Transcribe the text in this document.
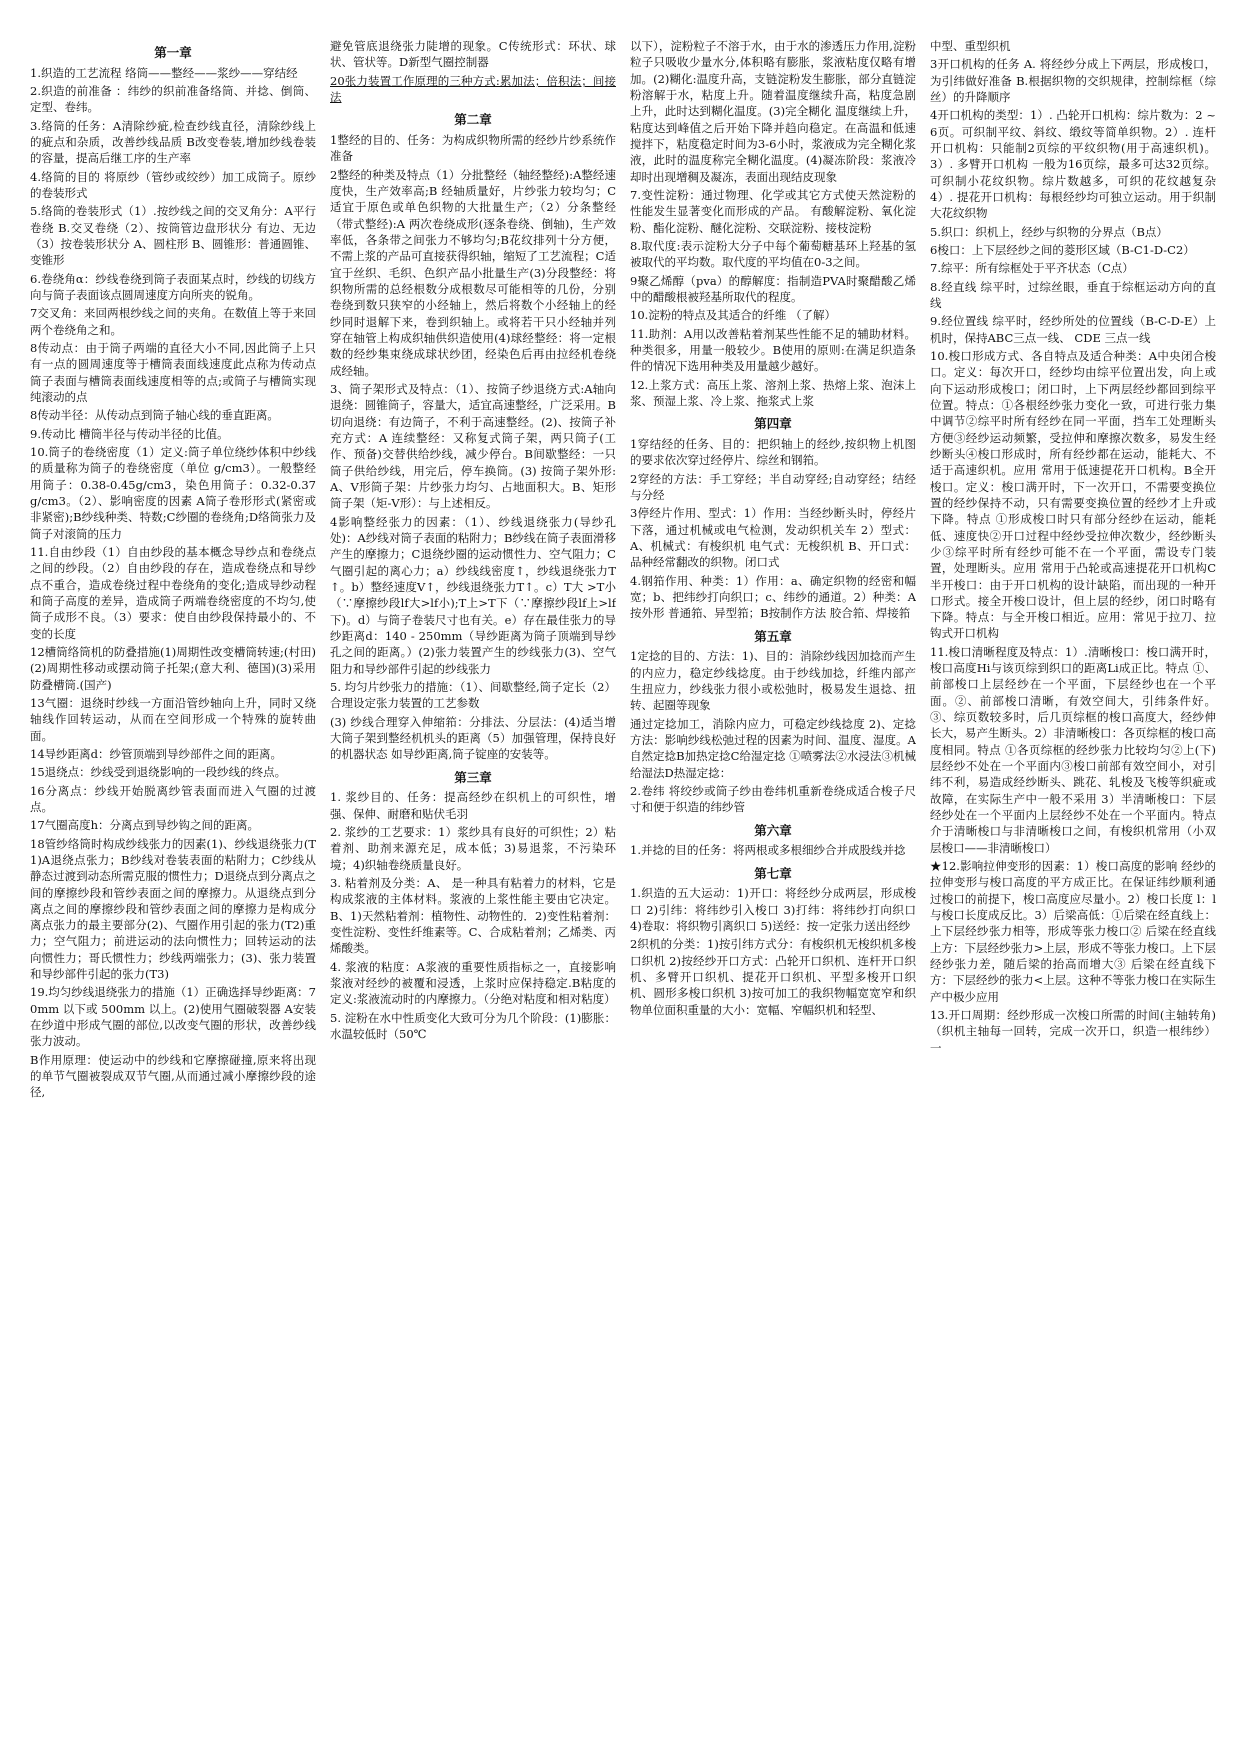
第一章
1.织造的工艺流程 络筒——整经——浆纱——穿结经
2.织造的前准备 ：纬纱的织前准备络筒、并捻、倒筒、定型、卷纬。
3.络筒的任务：A清除纱疵,检查纱线直径，清除纱线上的疵点和杂质，改善纱线品质 B改变卷装,增加纱线卷装的容量，提高后继工序的生产率
4.络筒的目的 将原纱（管纱或绞纱）加工成筒子。原纱的卷装形式
5.络筒的卷装形式（1）.按纱线之间的交叉角分：A平行卷绕 B.交叉卷绕（2）、按筒管边盘形状分 有边、无边（3）按卷装形状分 A、圆柱形 B、圆锥形：普通圆锥、变锥形
6.卷绕角α：纱线卷绕到筒子表面某点时，纱线的切线方向与筒子表面该点圆周速度方向所夹的锐角。
7交叉角：来回两根纱线之间的夹角。在数值上等于来回两个卷绕角之和。
8传动点：由于筒子两端的直径大小不同,因此筒子上只有一点的圆周速度等于槽筒表面线速度此点称为传动点筒子表面与槽筒表面线速度相等的点;或筒子与槽筒实现纯滚动的点
8传动半径：从传动点到筒子轴心线的垂直距离。
9.传动比 槽筒半径与传动半径的比值。
10.筒子的卷绕密度（1）定义:筒子单位绕纱体积中纱线的质量称为筒子的卷绕密度（单位 g/cm3）。一般整经用筒子：0.38-0.45g/cm3，染色用筒子：0.32-0.37 g/cm3。（2）、影响密度的因素 A筒子卷形形式(紧密或非紧密);B纱线种类、特数;C纱圈的卷绕角;D络筒张力及筒子对滚筒的压力
11.自由纱段（1）自由纱段的基本概念导纱点和卷绕点之间的纱段。（2）自由纱段的存在，造成卷绕点和导纱点不重合，造成卷绕过程中卷绕角的变化;造成导纱动程和筒子高度的差异，造成筒子两端卷绕密度的不均匀,使筒子成形不良。（3）要求：使自由纱段保持最小的、不变的长度
12槽筒络筒机的防叠措施(1)周期性改变槽筒转速;(村田)(2)周期性移动或摆动筒子托架;(意大利、德国)(3)采用防叠槽筒.(国产)
13气圈：退绕时纱线一方面沿管纱轴向上升，同时又绕轴线作回转运动，从而在空间形成一个特殊的旋转曲面。
14导纱距离d：纱管顶端到导纱部件之间的距离。
15退绕点：纱线受到退绕影响的一段纱线的终点。
16分离点：纱线开始脱离纱管表面而进入气圈的过渡点。
17气圈高度h：分离点到导纱钩之间的距离。
18管纱络筒时构成纱线张力的因素(1)、纱线退绕张力(T1)A退绕点张力；B纱线对卷装表面的粘附力；C纱线从静态过渡到动态所需克服的惯性力；D退绕点到分离点之间的摩擦纱段和管纱表面之间的摩擦力。从退绕点到分离点之间的摩擦纱段和管纱表面之间的摩擦力是构成分离点张力的最主要部分(2)、气圈作用引起的张力(T2)重力；空气阻力；前进运动的法向惯性力；回转运动的法向惯性力；哥氏惯性力；纱线两端张力；(3)、张力装置和导纱部件引起的张力(T3)
19.均匀纱线退绕张力的措施（1）正确选择导纱距离：70mm 以下或 500mm 以上。(2)使用气圈破裂器 A安装在纱道中形成气圈的部位,以改变气圈的形状，改善纱线张力波动。
B作用原理：使运动中的纱线和它摩擦碰撞,原来将出现的单节气圈被裂成双节气圈,从而通过减小摩擦纱段的途径,
避免管底退绕张力陡增的现象。C传统形式：环状、球状、管状等。D新型气圈控制器
20张力装置工作原理的三种方式:累加法；倍积法；间接法
第二章
1整经的目的、任务：为构成织物所需的经纱片纱系统作准备
2整经的种类及特点（1）分批整经（轴经整经):A整经速度快，生产效率高;B 经轴质量好，片纱张力较均匀；C适宜于原色或单色织物的大批量生产;（2）分条整经（带式整经):A 两次卷绕成形(逐条卷绕、倒轴)，生产效率低，各条带之间张力不够均匀;B花纹排列十分方便，不需上浆的产品可直接获得织轴，缩短了工艺流程；C适宜于丝织、毛织、色织产品小批量生产(3)分段整经：将织物所需的总经根数分成根数尽可能相等的几份，分别卷绕到数只狭窄的小经轴上，然后将数个小经轴上的经纱同时退解下来，卷到织轴上。或将若干只小经轴并列穿在轴管上构成织轴供织造使用(4)球经整经：将一定根数的经纱集束绕成球状纱团，经染色后再由拉经机卷绕成经轴。
3、筒子架形式及特点：（1）、按筒子纱退绕方式:A轴向退绕：圆锥筒子，容量大，适宜高速整经，广泛采用。B切向退绕：有边筒子，不利于高速整经。(2)、按筒子补充方式：A 连续整经：又称复式筒子架，两只筒子(工作、预备)交替供给纱线，减少停台。B间歇整经：一只筒子供给纱线，用完后，停车换筒。(3) 按筒子架外形:A、V形筒子架：片纱张力均匀、占地面积大。B、矩形筒子架（矩-V形）：与上述相反。
4影响整经张力的因素：（1）、纱线退绕张力(导纱孔处)：A纱线对筒子表面的粘附力；B纱线在筒子表面滑移产生的摩擦力；C退绕纱圈的运动惯性力、空气阻力；C气圈引起的离心力；a）纱线线密度↑，纱线退绕张力T↑。b）整经速度V↑，纱线退绕张力T↑。c）T大 >T小（∵摩擦纱段lf大>lf小);T上>T下（∵摩擦纱段lf上>lf下)。d）与筒子卷装尺寸也有关。e）存在最佳张力的导纱距离d：140 - 250mm（导纱距离为筒子顶端到导纱孔之间的距离。）(2)张力装置产生的纱线张力(3)、空气阻力和导纱部件引起的纱线张力
5. 均匀片纱张力的措施：（1）、间歇整经,筒子定长（2）合理设定张力装置的工艺参数
(3) 纱线合理穿入伸缩筘：分排法、分层法：(4)适当增大筒子架到整经机机头的距离（5）加强管理，保持良好的机器状态 如导纱距离,筒子锭座的安装等。
第三章
1. 浆纱目的、任务：提高经纱在织机上的可织性，增强、保伸、耐磨和贴伏毛羽
2. 浆纱的工艺要求：1）浆纱具有良好的可织性；2）粘着剂、助剂来源充足，成本低；3)易退浆，不污染环境；4)织轴卷绕质量良好。
3. 粘着剂及分类：A、 是一种具有粘着力的材料，它是构成浆液的主体材料。浆液的上浆性能主要由它决定。B、1)天然粘着剂：植物性、动物性的．2)变性粘着剂：变性淀粉、变性纤维素等。C、合成粘着剂；乙烯类、丙烯酸类。
4. 浆液的粘度：A浆液的重要性质指标之一，直接影响浆液对经纱的被覆和浸透，上浆时应保持稳定.B粘度的定义:浆液流动时的内摩擦力。（分绝对粘度和相对粘度）
5. 淀粉在水中性质变化大致可分为几个阶段：(1)膨胀：水温较低时（50℃
以下），淀粉粒子不溶于水，由于水的渗透压力作用,淀粉粒子只吸收少量水分,体积略有膨胀，浆液粘度仅略有增加。(2)糊化:温度升高，支链淀粉发生膨胀，部分直链淀粉溶解于水，粘度上升。随着温度继续升高，粘度急剧上升，此时达到糊化温度。(3)完全糊化 温度继续上升，粘度达到峰值之后开始下降并趋向稳定。在高温和低速搅拌下，粘度稳定时间为3-6小时，浆液成为完全糊化浆液，此时的温度称完全糊化温度。(4)凝冻阶段：浆液冷却时出现增稠及凝冻，表面出现结皮现象
7.变性淀粉：通过物理、化学或其它方式使天然淀粉的性能发生显著变化而形成的产品。 有酸解淀粉、氧化淀粉、酯化淀粉、醚化淀粉、交联淀粉、接枝淀粉
8.取代度:表示淀粉大分子中每个葡萄糖基环上羟基的氢被取代的平均数。取代度的平均值在0-3之间。
9聚乙烯醇（pva）的醇解度：指制造PVA时聚醋酸乙烯中的醋酸根被羟基所取代的程度。
10.淀粉的特点及其适合的纤维 （了解）
11.助剂：A用以改善粘着剂某些性能不足的辅助材料。种类很多，用量一般较少。B使用的原则:在满足织造条件的情况下选用种类及用量越少越好。
12.上浆方式：高压上浆、溶剂上浆、热熔上浆、泡沫上浆、预湿上浆、冷上浆、拖浆式上浆
第四章
1穿结经的任务、目的：把织轴上的经纱,按织物上机图的要求依次穿过经停片、综丝和钢筘。
2穿经的方法：手工穿经；半自动穿经;自动穿经；结经与分经
3停经片作用、型式：1）作用：当经纱断头时，停经片下落，通过机械或电气检测，发动织机关车 2）型式：A、机械式：有梭织机 电气式：无梭织机 B、开口式：品种经常翻改的织物。闭口式
4.钢筘作用、种类：1）作用：a、确定织物的经密和幅宽；b、把纬纱打向织口；c、纬纱的通道。2）种类：A按外形 普通筘、异型筘；B按制作方法 胶合筘、焊接筘
第五章
1定捻的目的、方法：1)、目的：消除纱线因加捻而产生的内应力，稳定纱线捻度。由于纱线加捻，纤维内部产生扭应力，纱线张力很小或松弛时，极易发生退捻、扭转、起圈等现象
通过定捻加工，消除内应力，可稳定纱线捻度 2)、定捻方法：影响纱线松弛过程的因素为时间、温度、湿度。A自然定捻B加热定捻C给湿定捻 ①喷雾法②水浸法③机械给湿法D热湿定捻：
2.卷纬 将绞纱或筒子纱由卷纬机重新卷绕成适合梭子尺寸和便于织造的纬纱管
第六章
1.并捻的目的任务：将两根或多根细纱合并成股线并捻
第七章
1.织造的五大运动：1)开口：将经纱分成两层，形成梭口 2)引纬：将纬纱引入梭口 3)打纬：将纬纱打向织口 4)卷取：将织物引离织口 5)送经：按一定张力送出经纱
2织机的分类：1)按引纬方式分：有梭织机无梭织机多梭口织机 2)按经纱开口方式：凸轮开口织机、连杆开口织机、多臂开口织机、提花开口织机、平型多梭开口织机、圆形多梭口织机 3)按可加工的我织物幅宽宽窄和织物单位面积重量的大小：宽幅、窄幅织机和轻型、
中型、重型织机
3开口机构的任务 A. 将经纱分成上下两层，形成梭口，为引纬做好准备 B.根据织物的交织规律，控制综框（综丝）的升降顺序
4开口机构的类型：1）. 凸轮开口机构：综片数为：2 ~ 6页。可织制平纹、斜纹、缎纹等简单织物。2）. 连杆开口机构：只能制2页综的平纹织物(用于高速织机)。3）. 多臂开口机构 一般为16页综，最多可达32页综。可织制小花纹织物。综片数越多，可织的花纹越复杂 4）. 提花开口机构：每根经纱均可独立运动。用于织制大花纹织物
5.织口：织机上，经纱与织物的分界点（B点）
6梭口：上下层经纱之间的菱形区域（B-C1-D-C2）
7.综平：所有综框处于平齐状态（C点）
8.经直线 综平时，过综丝眼，垂直于综框运动方向的直线
9.经位置线 综平时，经纱所处的位置线（B-C-D-E）上机时，保持ABC三点一线、 CDE 三点一线
10.梭口形成方式、各自特点及适合种类：A中央闭合梭口。定义：每次开口，经纱均由综平位置出发，向上或向下运动形成梭口；闭口时，上下两层经纱都回到综平位置。特点：①各根经纱张力变化一致，可进行张力集中调节②综平时所有经纱在同一平面，挡车工处理断头方便③经纱运动频繁，受拉伸和摩擦次数多，易发生经纱断头④梭口形成时，所有经纱都在运动，能耗大、不适于高速织机。应用 常用于低速提花开口机构。B全开梭口。定义：梭口满开时，下一次开口，不需要变换位置的经纱保持不动，只有需要变换位置的经纱才上升或下降。特点 ①形成梭口时只有部分经纱在运动，能耗低、速度快②开口过程中经纱受拉伸次数少，经纱断头少③综平时所有经纱可能不在一个平面，需设专门装置，处理断头。应用 常用于凸轮或高速提花开口机构C半开梭口：由于开口机构的设计缺陷，而出现的一种开口形式。接全开梭口设计，但上层的经纱，闭口时略有下降。特点：与全开梭口相近。应用：常见于拉刀、拉钩式开口机构
11.梭口清晰程度及特点：1）.清晰梭口：梭口满开时，梭口高度Hi与该页综到织口的距离Li成正比。特点 ①、前部梭口上层经纱在一个平面，下层经纱也在一个平面。②、前部梭口清晰，有效空间大，引纬条件好。③、综页数较多时，后几页综框的梭口高度大，经纱伸长大，易产生断头。2）非清晰梭口：各页综框的梭口高度相同。特点 ①各页综框的经纱张力比较均匀②上(下)层经纱不处在一个平面内③梭口前部有效空间小，对引纬不利，易造成经纱断头、跳花、轧梭及飞梭等织疵或故障，在实际生产中一般不采用 3）半清晰梭口：下层经纱处在一个平面内上层经纱不处在一个平面内。特点 介于清晰梭口与非清晰梭口之间，有梭织机常用（小双层梭口——非清晰梭口）
★12.影响拉伸变形的因素：1）梭口高度的影响 经纱的拉伸变形与梭口高度的平方成正比。在保证纬纱顺利通过梭口的前提下，梭口高度应尽量小。2）梭口长度 l：l与梭口长度成反比。3）后梁高低：①后梁在经直线上：上下层经纱张力相等，形成等张力梭口② 后梁在经直线上方：下层经纱张力>上层，形成不等张力梭口。上下层经纱张力差，随后梁的抬高而增大③ 后梁在经直线下方：下层经纱的张力<上层。这种不等张力梭口在实际生产中极少应用
13.开口周期：经纱形成一次梭口所需的时间(主轴转角)（织机主轴每一回转，完成一次开口，织造一根纬纱）一
